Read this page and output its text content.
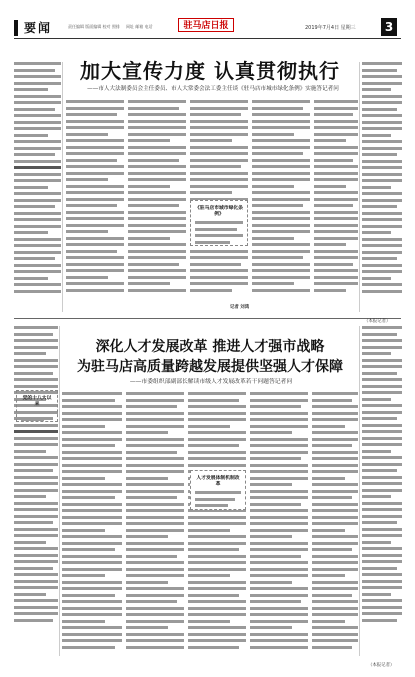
要闻	责任编辑 版面编辑 校对 照排 网址 邮箱 电话	驻马店日报	2019年7月4日 星期三	3
加大宣传力度 认真贯彻执行
——市人大法制委员会主任委员、市人大常委会法工委主任谈《驻马店市城市绿化条例》实施答记者问
《驻马店市城市绿化条例》
记者 刘鸿
深化人才发展改革 推进人才强市战略
为驻马店高质量跨越发展提供坚强人才保障
——市委组织部副部长解读市级人才发展改革若干问题答记者问
党的十八大以来
人才发展体制机制改革
（本报记者）
（本报记者）
